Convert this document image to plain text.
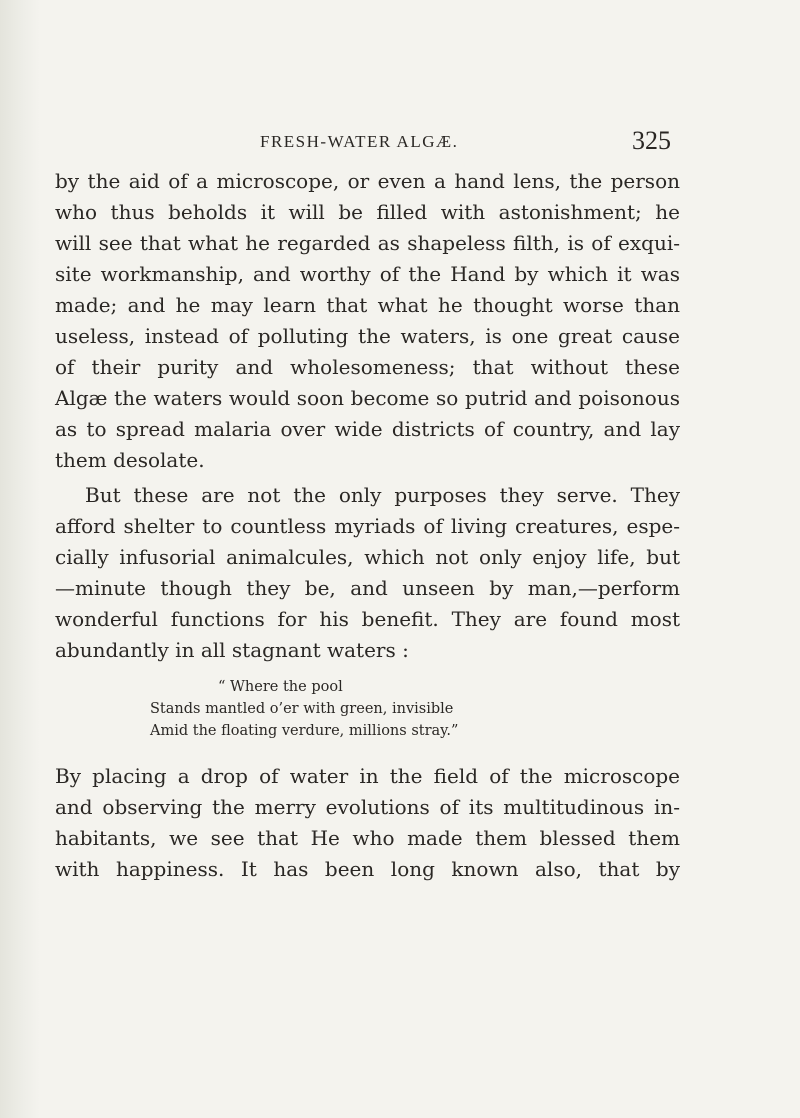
FRESH-WATER ALGÆ.	325
by the aid of a microscope, or even a hand lens, the person
who thus beholds it will be filled with astonishment; he
will see that what he regarded as shapeless filth, is of exqui-
site workmanship, and worthy of the Hand by which it was
made; and he may learn that what he thought worse than
useless, instead of polluting the waters, is one great cause
of their purity and wholesomeness; that without these
Algæ the waters would soon become so putrid and poisonous
as to spread malaria over wide districts of country, and lay
them desolate.
But these are not the only purposes they serve. They
afford shelter to countless myriads of living creatures, espe-
cially infusorial animalcules, which not only enjoy life, but
—minute though they be, and unseen by man,—perform
wonderful functions for his benefit. They are found most
abundantly in all stagnant waters :
“ Where the pool
Stands mantled o’er with green, invisible
Amid the floating verdure, millions stray.”
By placing a drop of water in the field of the microscope
and observing the merry evolutions of its multitudinous in-
habitants, we see that He who made them blessed them
with happiness. It has been long known also, that by
